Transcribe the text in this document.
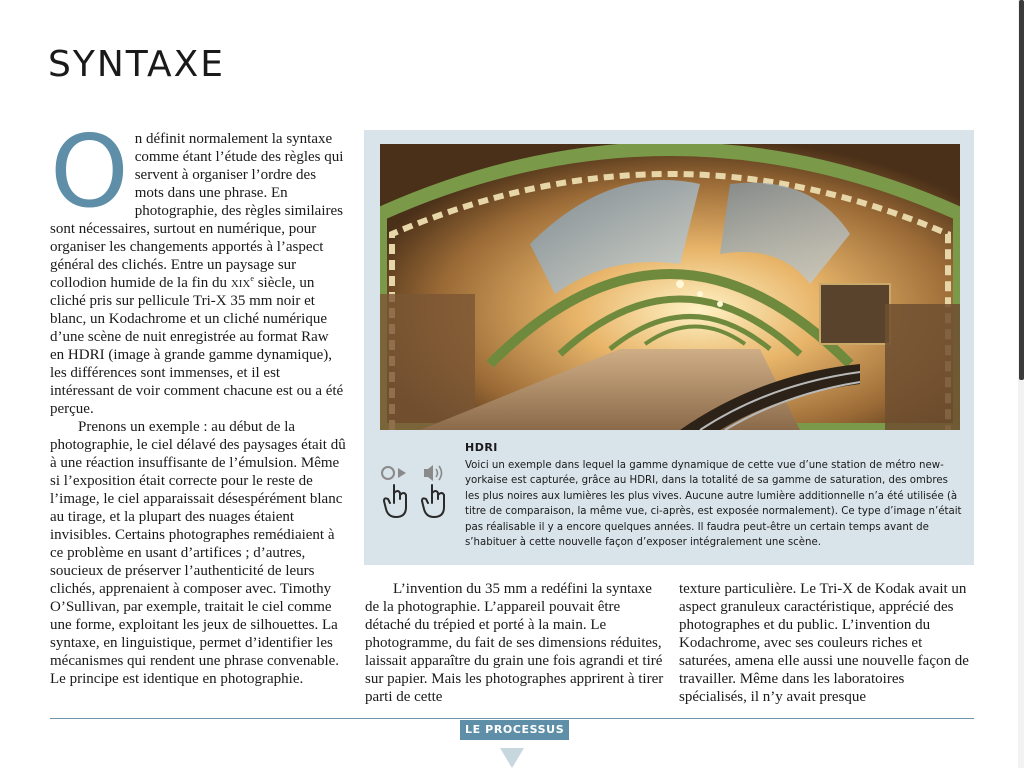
SYNTAXE

On définit normalement la syntaxe comme étant l’étude des règles qui servent à organiser l’ordre des mots dans une phrase. En photographie, des règles similaires sont nécessaires, surtout en numérique, pour organiser les changements apportés à l’aspect général des clichés. Entre un paysage sur collodion humide de la fin du xix$^e$ siècle, un cliché pris sur pellicule Tri-X 35 mm noir et blanc, un Kodachrome et un cliché numérique d’une scène de nuit enregistrée au format Raw en HDRI (image à grande gamme dynamique), les différences sont immenses, et il est intéressant de voir comment chacune est ou a été perçue.

Prenons un exemple : au début de la photographie, le ciel délavé des paysages était dû à une réaction insuffisante de l’émulsion. Même si l’exposition était correcte pour le reste de l’image, le ciel apparaissait désespérément blanc au tirage, et la plupart des nuages étaient invisibles. Certains photographes remédiaient à ce problème en usant d’artifices ; d’autres, soucieux de préserver l’authenticité de leurs clichés, apprenaient à composer avec. Timothy O’Sullivan, par exemple, traitait le ciel comme une forme, exploitant les jeux de silhouettes. La syntaxe, en linguistique, permet d’identifier les mécanismes qui rendent une phrase convenable. Le principe est identique en photographie.

HDRI
Voici un exemple dans lequel la gamme dynamique de cette vue d’une station de métro new-yorkaise est capturée, grâce au HDRI, dans la totalité de sa gamme de saturation, des ombres les plus noires aux lumières les plus vives. Aucune autre lumière additionnelle n’a été utilisée (à titre de comparaison, la même vue, ci-après, est exposée normalement). Ce type d’image n’était pas réalisable il y a encore quelques années. Il faudra peut-être un certain temps avant de s’habituer à cette nouvelle façon d’exposer intégralement une scène.

L’invention du 35 mm a redéfini la syntaxe de la photographie. L’appareil pouvait être détaché du trépied et porté à la main. Le photogramme, du fait de ses dimensions réduites, laissait apparaître du grain une fois agrandi et tiré sur papier. Mais les photographes apprirent à tirer parti de cette

texture particulière. Le Tri-X de Kodak avait un aspect granuleux caractéristique, apprécié des photographes et du public. L’invention du Kodachrome, avec ses couleurs riches et saturées, amena elle aussi une nouvelle façon de travailler. Même dans les laboratoires spécialisés, il n’y avait presque

LE PROCESSUS
